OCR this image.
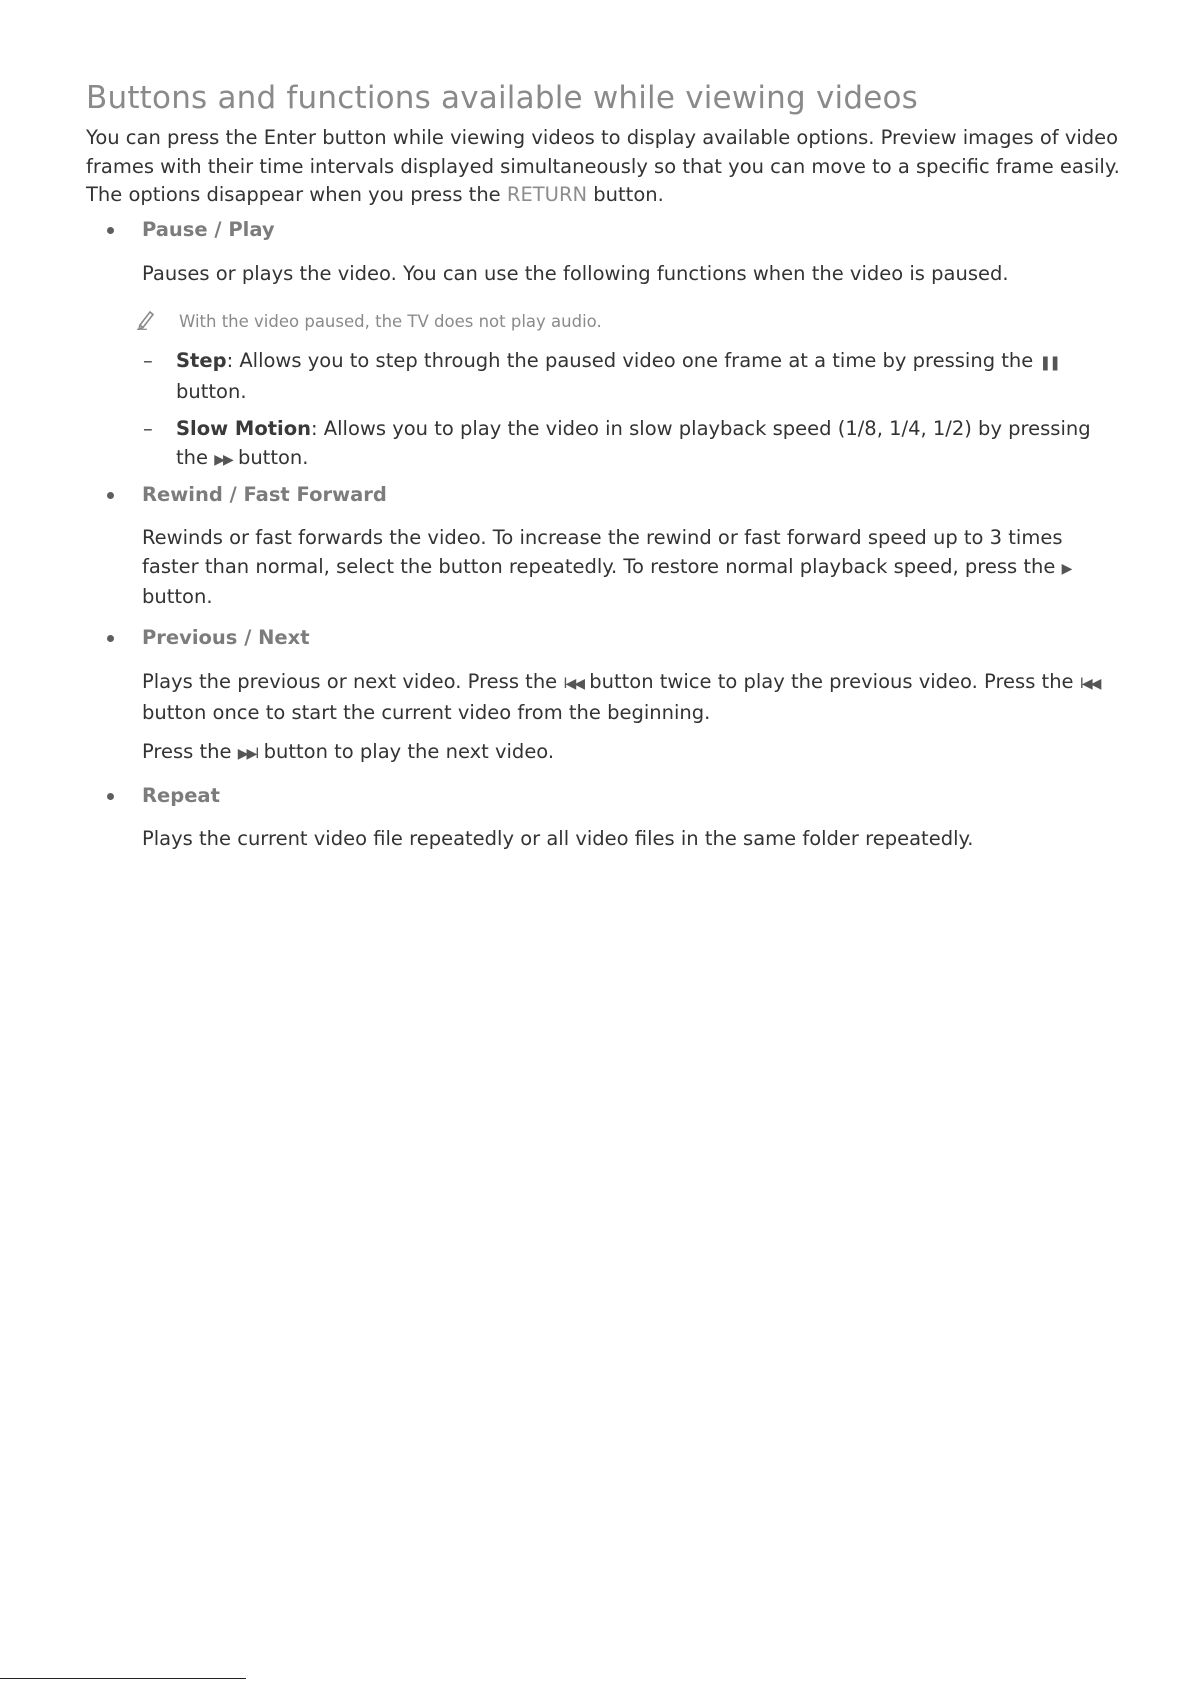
Buttons and functions available while viewing videos
You can press the Enter button while viewing videos to display available options. Preview images of video frames with their time intervals displayed simultaneously so that you can move to a specific frame easily. The options disappear when you press the RETURN button.
Pause / Play
Pauses or plays the video. You can use the following functions when the video is paused.
With the video paused, the TV does not play audio.
– Step: Allows you to step through the paused video one frame at a time by pressing the ❚❚ button.
– Slow Motion: Allows you to play the video in slow playback speed (1/8, 1/4, 1/2) by pressing the ▶▶ button.
Rewind / Fast Forward
Rewinds or fast forwards the video. To increase the rewind or fast forward speed up to 3 times faster than normal, select the button repeatedly. To restore normal playback speed, press the ▶ button.
Previous / Next
Plays the previous or next video. Press the I◀◀ button twice to play the previous video. Press the I◀◀ button once to start the current video from the beginning.
Press the ▶▶I button to play the next video.
Repeat
Plays the current video file repeatedly or all video files in the same folder repeatedly.
